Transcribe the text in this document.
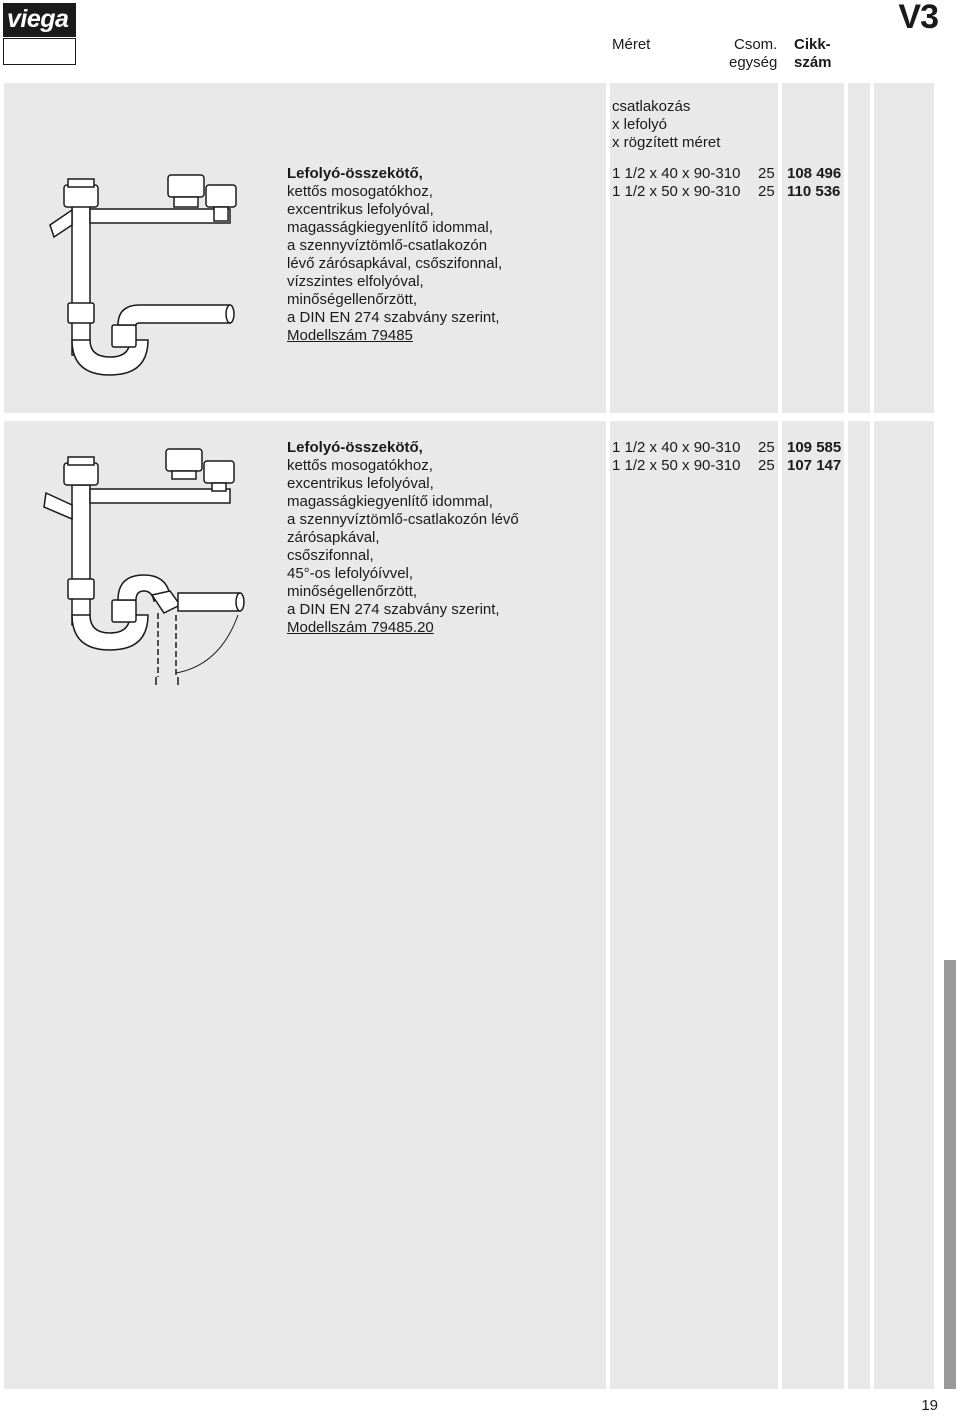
viega
Méret	Csom.
egység
Cikk-
szám
V3
csatlakozás
x lefolyó
x rögzített méret
Lefolyó-összekötő,
kettős mosogatókhoz,
excentrikus lefolyóval,
magasságkiegyenlítő idommal,
a szennyvíztömlő-csatlakozón
lévő zárósapkával, csőszifonnal,
vízszintes elfolyóval,
minőségellenőrzött,
a DIN EN 274 szabvány szerint,
Modellszám 79485
1 1/2 x 40 x 90-310 25 108 496
1 1/2 x 50 x 90-310 25 110 536
Lefolyó-összekötő,
kettős mosogatókhoz,
excentrikus lefolyóval,
magasságkiegyenlítő idommal,
a szennyvíztömlő-csatlakozón lévő
zárósapkával,
csőszifonnal,
45°-os lefolyóívvel,
minőségellenőrzött,
a DIN EN 274 szabvány szerint,
Modellszám 79485.20
1 1/2 x 40 x 90-310 25 109 585
1 1/2 x 50 x 90-310 25 107 147
19
